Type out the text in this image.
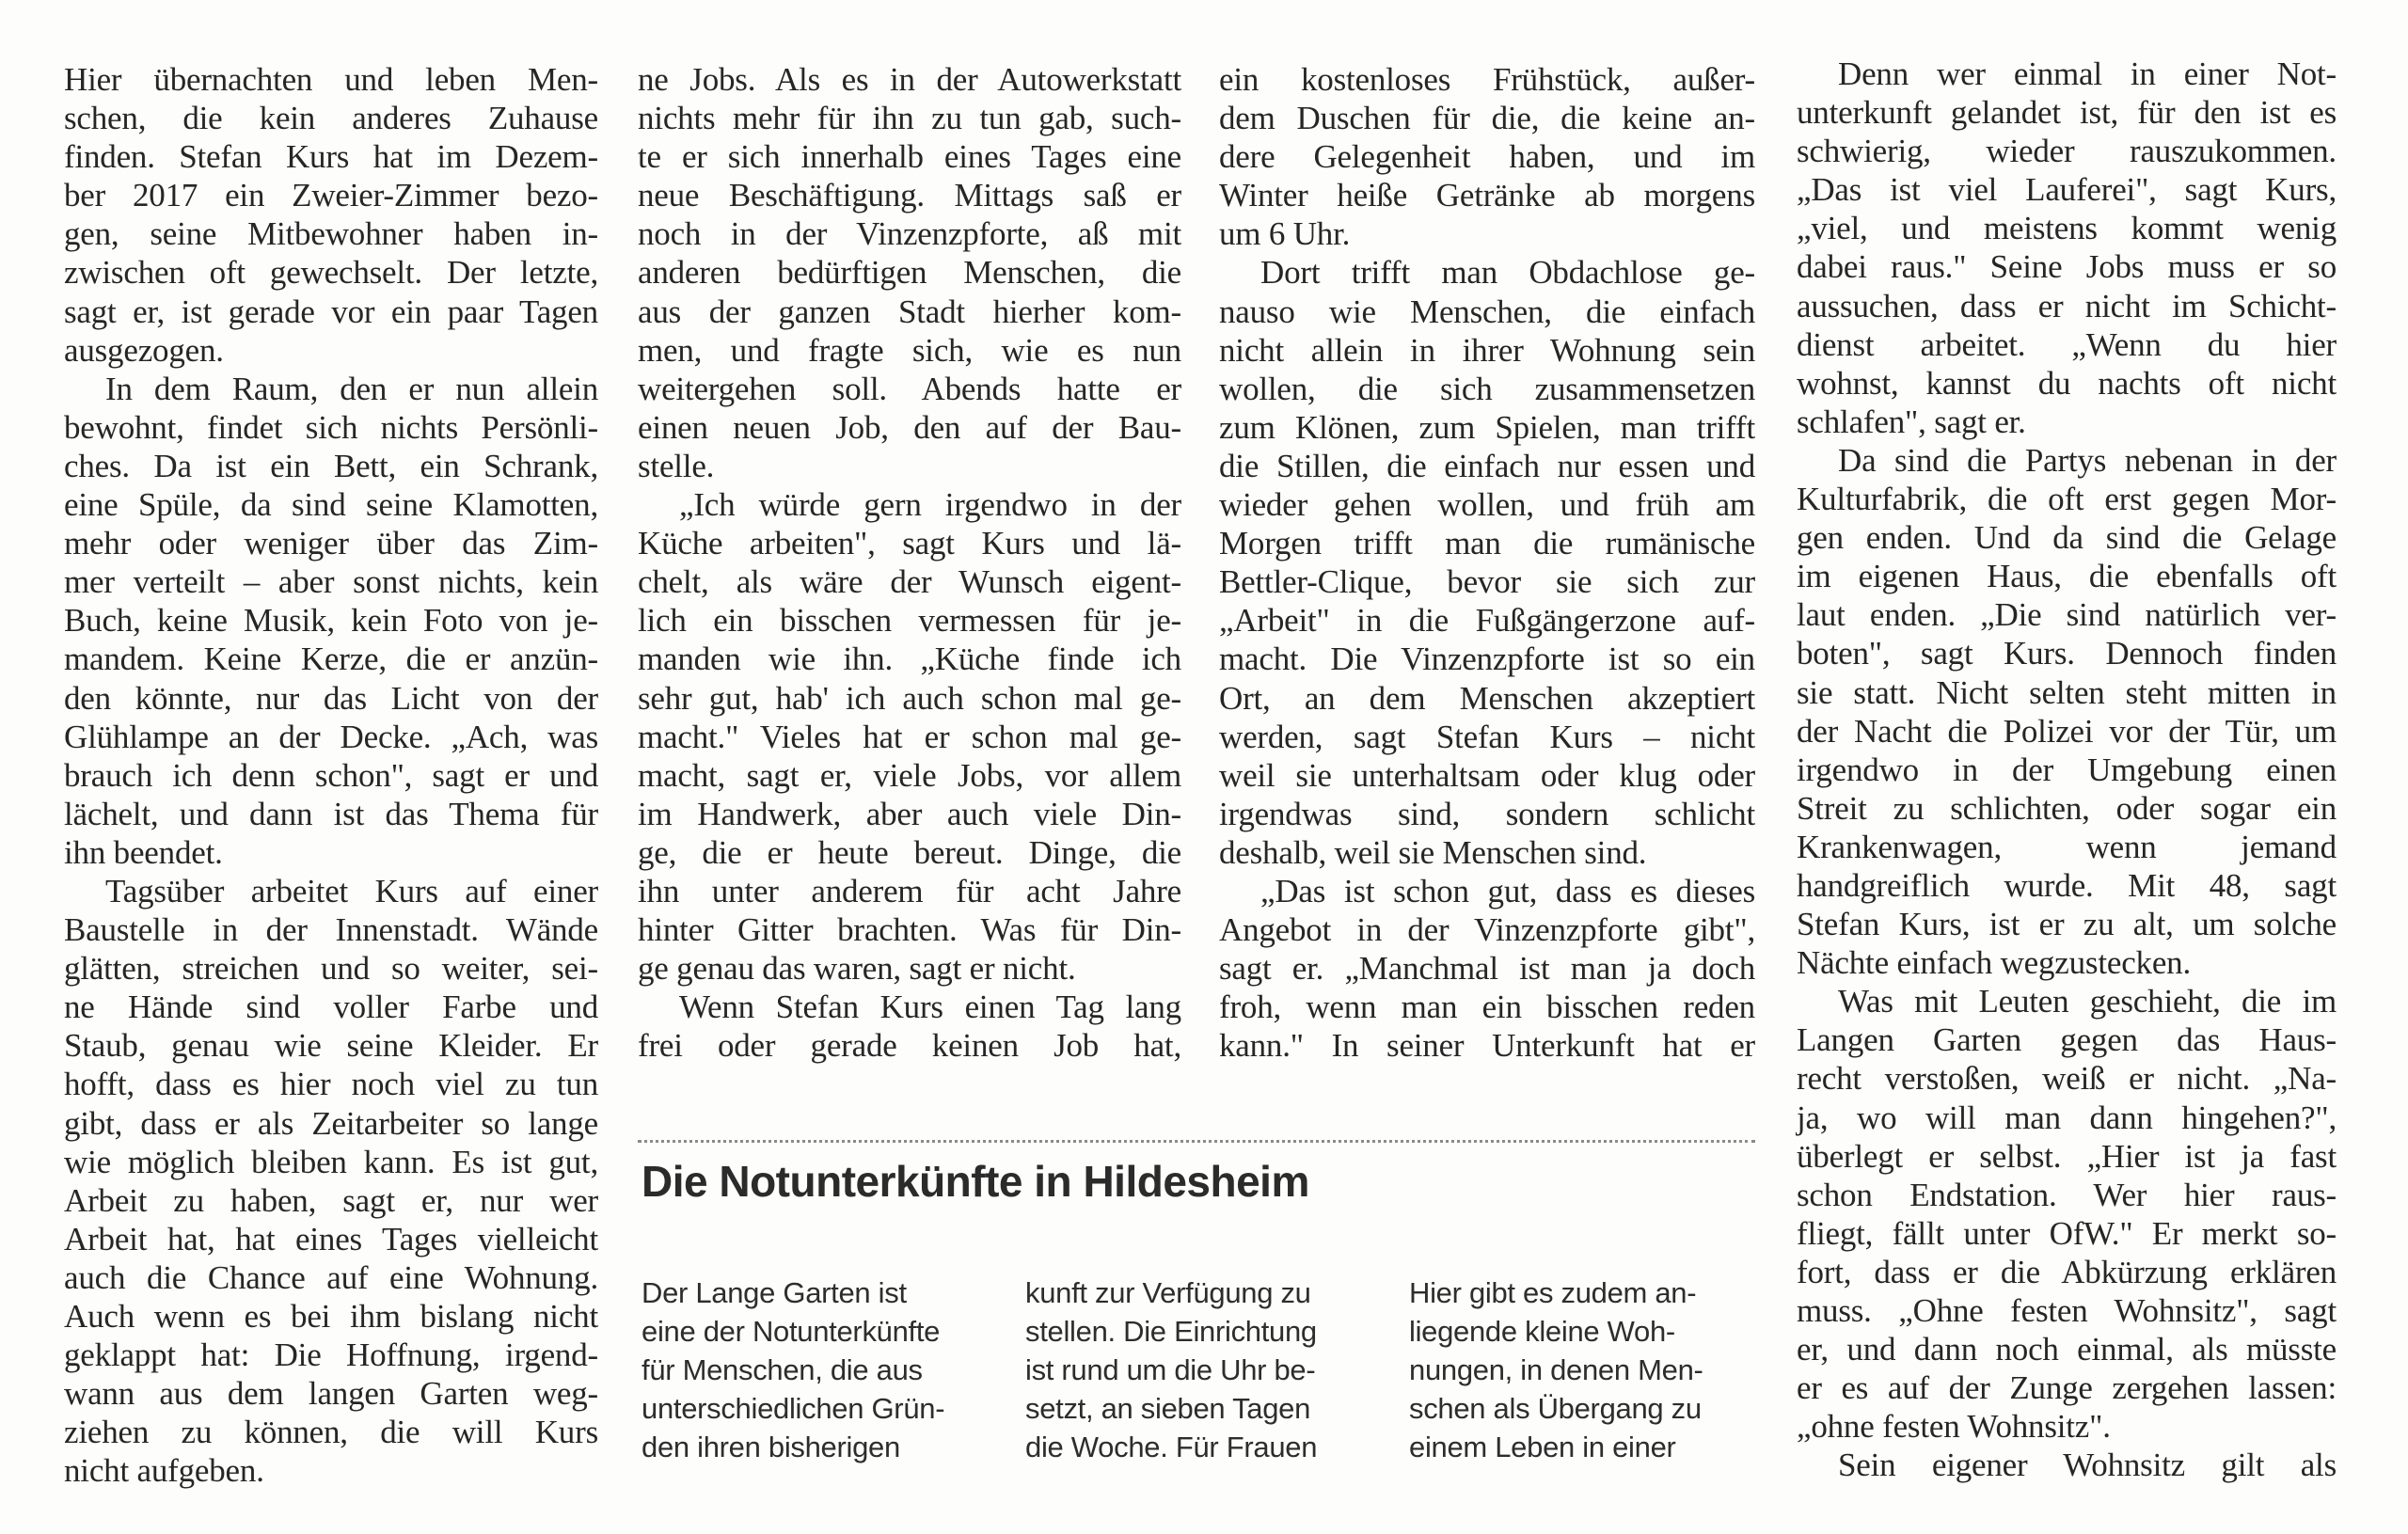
Hier übernachten und leben Men-
schen, die kein anderes Zuhause
finden. Stefan Kurs hat im Dezem-
ber 2017 ein Zweier-Zimmer bezo-
gen, seine Mitbewohner haben in-
zwischen oft gewechselt. Der letzte,
sagt er, ist gerade vor ein paar Tagen
ausgezogen.
In dem Raum, den er nun allein
bewohnt, findet sich nichts Persönli-
ches. Da ist ein Bett, ein Schrank,
eine Spüle, da sind seine Klamotten,
mehr oder weniger über das Zim-
mer verteilt – aber sonst nichts, kein
Buch, keine Musik, kein Foto von je-
mandem. Keine Kerze, die er anzün-
den könnte, nur das Licht von der
Glühlampe an der Decke. „Ach, was
brauch ich denn schon", sagt er und
lächelt, und dann ist das Thema für
ihn beendet.
Tagsüber arbeitet Kurs auf einer
Baustelle in der Innenstadt. Wände
glätten, streichen und so weiter, sei-
ne Hände sind voller Farbe und
Staub, genau wie seine Kleider. Er
hofft, dass es hier noch viel zu tun
gibt, dass er als Zeitarbeiter so lange
wie möglich bleiben kann. Es ist gut,
Arbeit zu haben, sagt er, nur wer
Arbeit hat, hat eines Tages vielleicht
auch die Chance auf eine Wohnung.
Auch wenn es bei ihm bislang nicht
geklappt hat: Die Hoffnung, irgend-
wann aus dem langen Garten weg-
ziehen zu können, die will Kurs
nicht aufgeben.
ne Jobs. Als es in der Autowerkstatt
nichts mehr für ihn zu tun gab, such-
te er sich innerhalb eines Tages eine
neue Beschäftigung. Mittags saß er
noch in der Vinzenzpforte, aß mit
anderen bedürftigen Menschen, die
aus der ganzen Stadt hierher kom-
men, und fragte sich, wie es nun
weitergehen soll. Abends hatte er
einen neuen Job, den auf der Bau-
stelle.
„Ich würde gern irgendwo in der
Küche arbeiten", sagt Kurs und lä-
chelt, als wäre der Wunsch eigent-
lich ein bisschen vermessen für je-
manden wie ihn. „Küche finde ich
sehr gut, hab' ich auch schon mal ge-
macht." Vieles hat er schon mal ge-
macht, sagt er, viele Jobs, vor allem
im Handwerk, aber auch viele Din-
ge, die er heute bereut. Dinge, die
ihn unter anderem für acht Jahre
hinter Gitter brachten. Was für Din-
ge genau das waren, sagt er nicht.
Wenn Stefan Kurs einen Tag lang
frei oder gerade keinen Job hat,
ein kostenloses Frühstück, außer-
dem Duschen für die, die keine an-
dere Gelegenheit haben, und im
Winter heiße Getränke ab morgens
um 6 Uhr.
Dort trifft man Obdachlose ge-
nauso wie Menschen, die einfach
nicht allein in ihrer Wohnung sein
wollen, die sich zusammensetzen
zum Klönen, zum Spielen, man trifft
die Stillen, die einfach nur essen und
wieder gehen wollen, und früh am
Morgen trifft man die rumänische
Bettler-Clique, bevor sie sich zur
„Arbeit" in die Fußgängerzone auf-
macht. Die Vinzenzpforte ist so ein
Ort, an dem Menschen akzeptiert
werden, sagt Stefan Kurs – nicht
weil sie unterhaltsam oder klug oder
irgendwas sind, sondern schlicht
deshalb, weil sie Menschen sind.
„Das ist schon gut, dass es dieses
Angebot in der Vinzenzpforte gibt",
sagt er. „Manchmal ist man ja doch
froh, wenn man ein bisschen reden
kann." In seiner Unterkunft hat er
Denn wer einmal in einer Not-
unterkunft gelandet ist, für den ist es
schwierig, wieder rauszukommen.
„Das ist viel Lauferei", sagt Kurs,
„viel, und meistens kommt wenig
dabei raus." Seine Jobs muss er so
aussuchen, dass er nicht im Schicht-
dienst arbeitet. „Wenn du hier
wohnst, kannst du nachts oft nicht
schlafen", sagt er.
Da sind die Partys nebenan in der
Kulturfabrik, die oft erst gegen Mor-
gen enden. Und da sind die Gelage
im eigenen Haus, die ebenfalls oft
laut enden. „Die sind natürlich ver-
boten", sagt Kurs. Dennoch finden
sie statt. Nicht selten steht mitten in
der Nacht die Polizei vor der Tür, um
irgendwo in der Umgebung einen
Streit zu schlichten, oder sogar ein
Krankenwagen, wenn jemand
handgreiflich wurde. Mit 48, sagt
Stefan Kurs, ist er zu alt, um solche
Nächte einfach wegzustecken.
Was mit Leuten geschieht, die im
Langen Garten gegen das Haus-
recht verstoßen, weiß er nicht. „Na-
ja, wo will man dann hingehen?",
überlegt er selbst. „Hier ist ja fast
schon Endstation. Wer hier raus-
fliegt, fällt unter OfW." Er merkt so-
fort, dass er die Abkürzung erklären
muss. „Ohne festen Wohnsitz", sagt
er, und dann noch einmal, als müsste
er es auf der Zunge zergehen lassen:
„ohne festen Wohnsitz".
Sein eigener Wohnsitz gilt als
Die Notunterkünfte in Hildesheim
Der Lange Garten ist
eine der Notunterkünfte
für Menschen, die aus
unterschiedlichen Grün-
den ihren bisherigen
kunft zur Verfügung zu
stellen. Die Einrichtung
ist rund um die Uhr be-
setzt, an sieben Tagen
die Woche. Für Frauen
Hier gibt es zudem an-
liegende kleine Woh-
nungen, in denen Men-
schen als Übergang zu
einem Leben in einer
